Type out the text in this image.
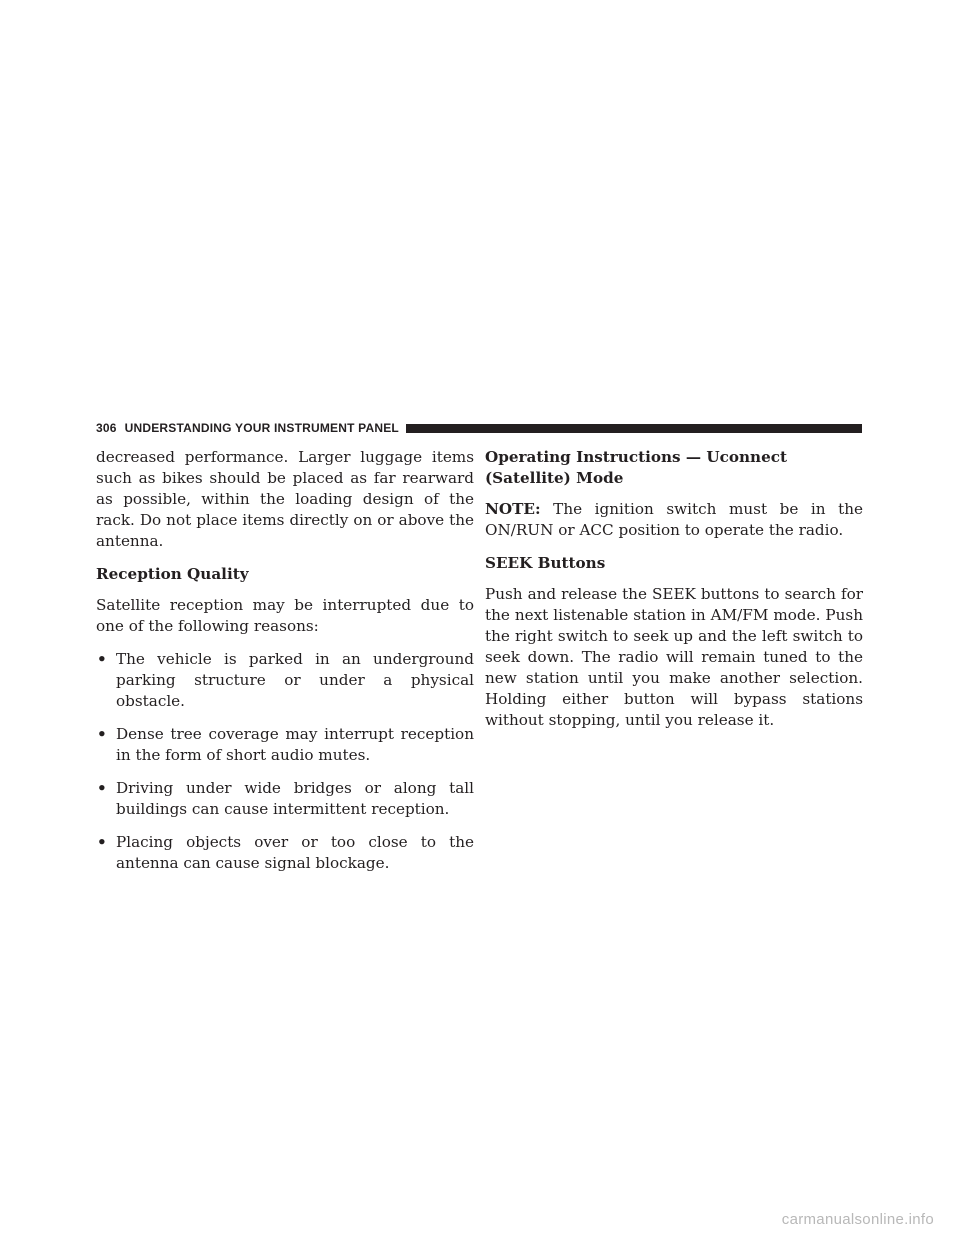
306 UNDERSTANDING YOUR INSTRUMENT PANEL

decreased performance. Larger luggage items such as bikes should be placed as far rearward as possible, within the loading design of the rack. Do not place items directly on or above the antenna.

Reception Quality

Satellite reception may be interrupted due to one of the following reasons:

• The vehicle is parked in an underground parking structure or under a physical obstacle.
• Dense tree coverage may interrupt reception in the form of short audio mutes.
• Driving under wide bridges or along tall buildings can cause intermittent reception.
• Placing objects over or too close to the antenna can cause signal blockage.
Operating Instructions — Uconnect (Satellite) Mode

NOTE: The ignition switch must be in the ON/RUN or ACC position to operate the radio.

SEEK Buttons

Push and release the SEEK buttons to search for the next listenable station in AM/FM mode. Push the right switch to seek up and the left switch to seek down. The radio will remain tuned to the new station until you make another selection. Holding either button will bypass stations without stopping, until you release it.

carmanualsonline.info
